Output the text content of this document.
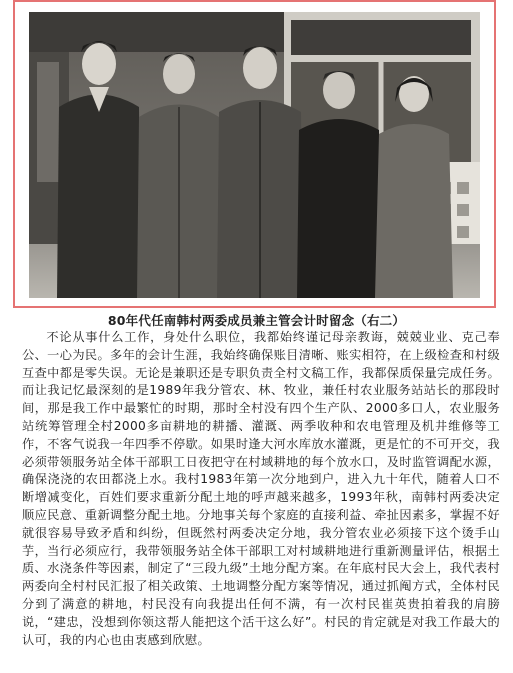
80年代任南韩村两委成员兼主管会计时留念（右二）

不论从事什么工作，身处什么职位，我都始终谨记母亲教诲，兢兢业业、克己奉公、一心为民。多年的会计生涯，我始终确保账目清晰、账实相符，在上级检查和村级互查中都是零失误。无论是兼职还是专职负责全村文稿工作，我都保质保量完成任务。而让我记忆最深刻的是1989年我分管农、林、牧业，兼任村农业服务站站长的那段时间，那是我工作中最繁忙的时期，那时全村没有四个生产队、2000多口人，农业服务站统筹管理全村2000多亩耕地的耕播、灌溉、两季收种和农电管理及机井维修等工作，不客气说我一年四季不停歇。如果时逢大河水库放水灌溉，更是忙的不可开交，我必须带领服务站全体干部职工日夜把守在村域耕地的每个放水口，及时监管调配水源，确保浇浇的农田都浇上水。我村1983年第一次分地到户，进入九十年代，随着人口不断增减变化，百姓们要求重新分配土地的呼声越来越多，1993年秋，南韩村两委决定顺应民意、重新调整分配土地。分地事关每个家庭的直接利益、牵扯因素多，掌握不好就很容易导致矛盾和纠纷，但既然村两委决定分地，我分管农业必须接下这个烫手山芋，当行必须应行，我带领服务站全体干部职工对村域耕地进行重新测量评估，根据土质、水浇条件等因素，制定了“三段九级”土地分配方案。在年底村民大会上，我代表村两委向全村村民汇报了相关政策、土地调整分配方案等情况，通过抓阄方式，全体村民分到了满意的耕地，村民没有向我提出任何不满，有一次村民崔英贵拍着我的肩膀说，“建忠，没想到你领这帮人能把这个活干这么好”。村民的肯定就是对我工作最大的认可，我的内心也由衷感到欣慰。
